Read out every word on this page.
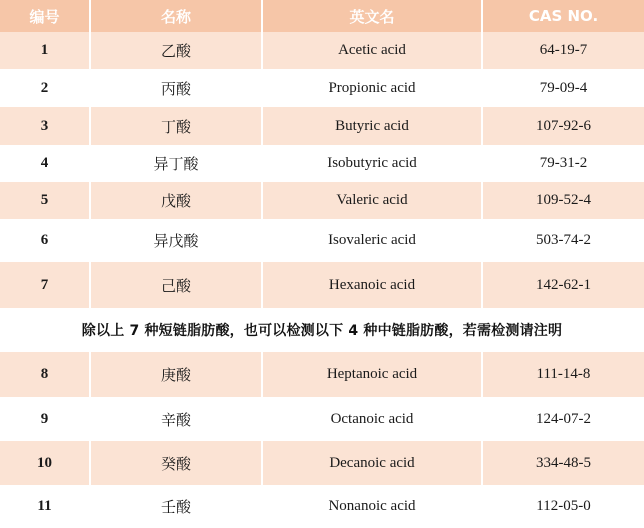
编号	名称	英文名	CAS NO.
1	乙酸	Acetic acid	64-19-7
2	丙酸	Propionic acid	79-09-4
3	丁酸	Butyric acid	107-92-6
4	异丁酸	Isobutyric acid	79-31-2
5	戊酸	Valeric acid	109-52-4
6	异戊酸	Isovaleric acid	503-74-2
7	己酸	Hexanoic acid	142-62-1
除以上 7 种短链脂肪酸，也可以检测以下 4 种中链脂肪酸，若需检测请注明			
8	庚酸	Heptanoic acid	111-14-8
9	辛酸	Octanoic acid	124-07-2
10	癸酸	Decanoic acid	334-48-5
11	壬酸	Nonanoic acid	112-05-0
